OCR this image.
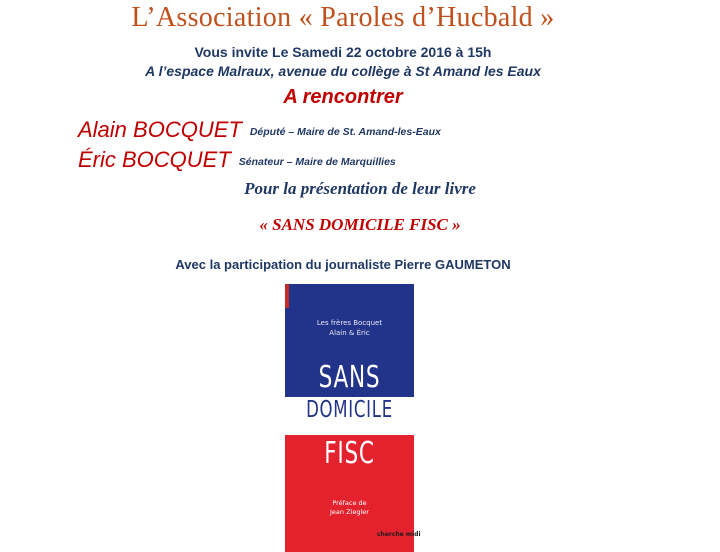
L’Association « Paroles d’Hucbald »
Vous invite Le Samedi 22 octobre 2016 à 15h
A l’espace Malraux, avenue du collège à St Amand les Eaux
A rencontrer
Alain BOCQUET Député – Maire de St. Amand-les-Eaux
Éric BOCQUET Sénateur – Maire de Marquillies
Pour la présentation de leur livre
« SANS DOMICILE FISC »
Avec la participation du journaliste Pierre GAUMETON
Les frères Bocquet
Alain & Éric
SANS
DOMICILE
FISC
Préface de
Jean Ziegler
cherche midi
